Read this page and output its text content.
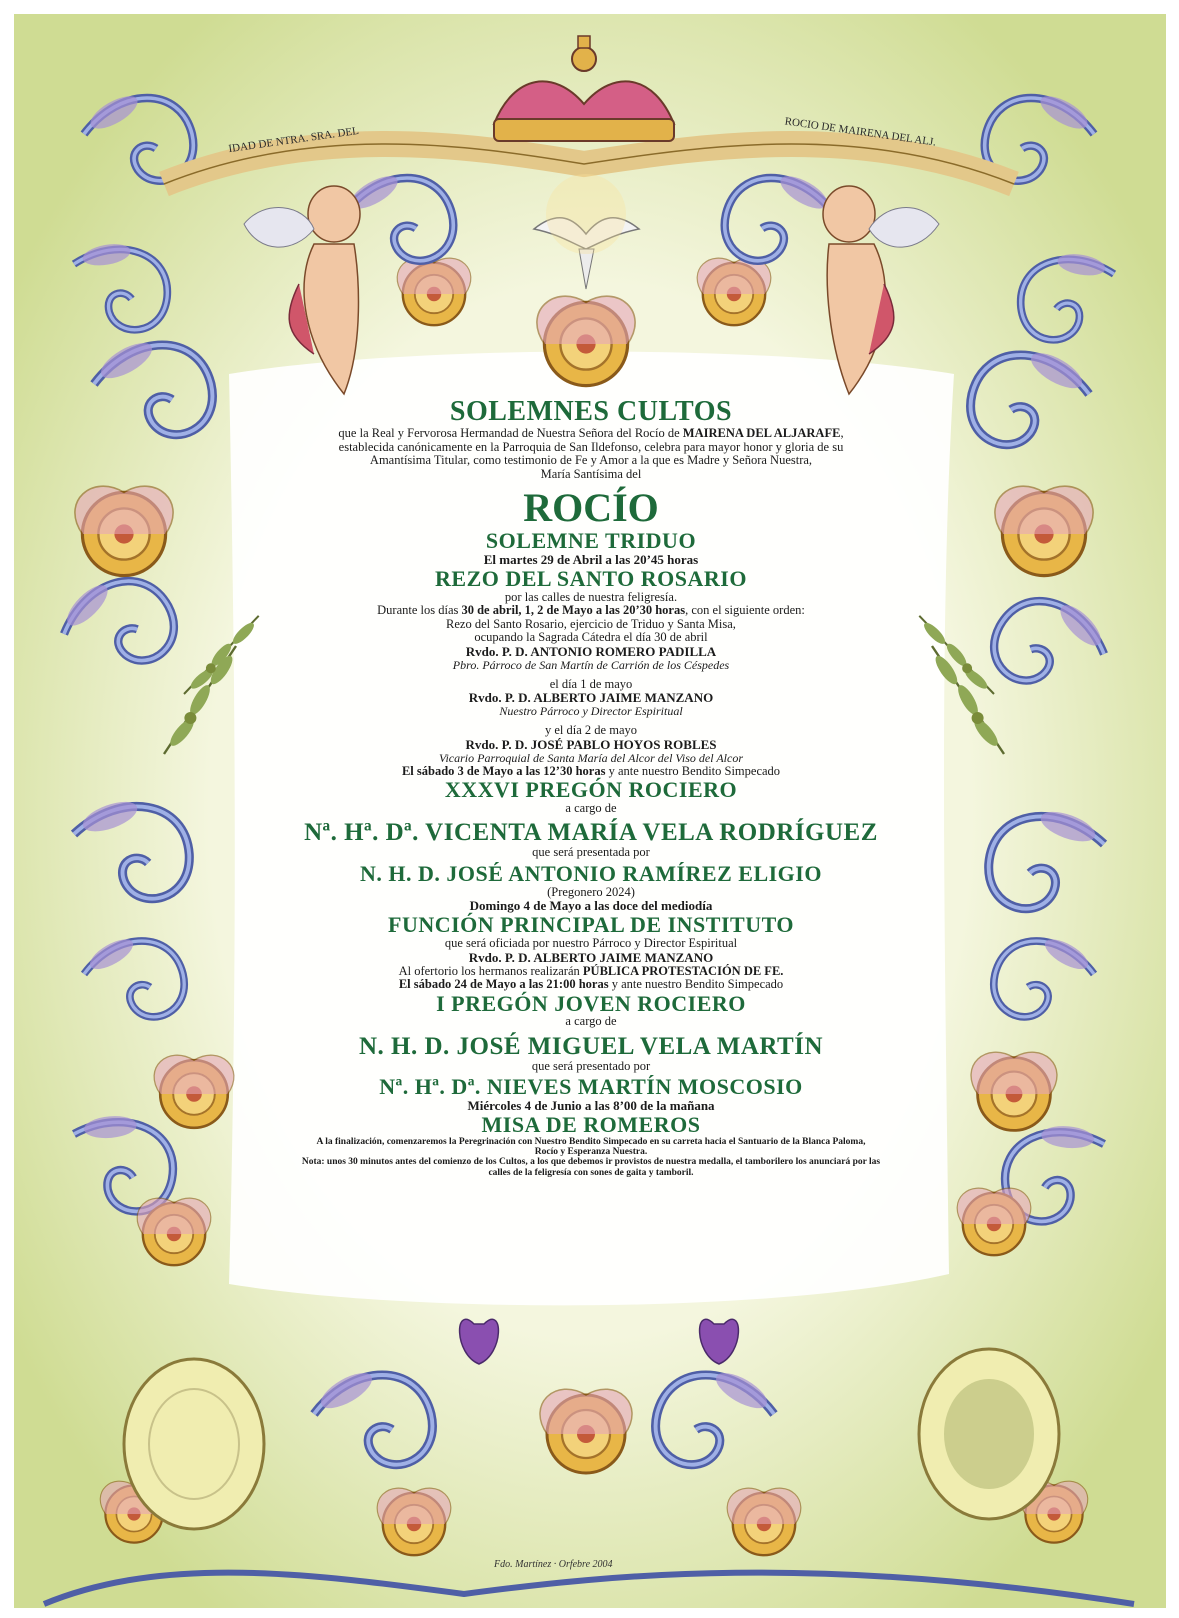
IDAD DE NTRA. SRA. DEL	ROCIO DE MAIRENA DEL ALJ.

SOLEMNES CULTOS

que la Real y Fervorosa Hermandad de Nuestra Señora del Rocío de MAIRENA DEL ALJARAFE,

establecida canónicamente en la Parroquia de San Ildefonso, celebra para mayor honor y gloria de su

Amantísima Titular, como testimonio de Fe y Amor a la que es Madre y Señora Nuestra,

María Santísima del

ROCÍO

SOLEMNE TRIDUO

El martes 29 de Abril a las 20’45 horas

REZO DEL SANTO ROSARIO

por las calles de nuestra feligresía.

Durante los días 30 de abril, 1, 2 de Mayo a las 20’30 horas, con el siguiente orden:

Rezo del Santo Rosario, ejercicio de Triduo y Santa Misa,

ocupando la Sagrada Cátedra el día 30 de abril

Rvdo. P. D. ANTONIO ROMERO PADILLA

Pbro. Párroco de San Martín de Carrión de los Céspedes

el día 1 de mayo

Rvdo. P. D. ALBERTO JAIME MANZANO

Nuestro Párroco y Director Espiritual

y el día 2 de mayo

Rvdo. P. D. JOSÉ PABLO HOYOS ROBLES

Vicario Parroquial de Santa María del Alcor del Viso del Alcor

El sábado 3 de Mayo a las 12’30 horas y ante nuestro Bendito Simpecado

XXXVI PREGÓN ROCIERO

a cargo de

Nª. Hª. Dª. VICENTA MARÍA VELA RODRÍGUEZ

que será presentada por

N. H. D. JOSÉ ANTONIO RAMÍREZ ELIGIO

(Pregonero 2024)

Domingo 4 de Mayo a las doce del mediodía

FUNCIÓN PRINCIPAL DE INSTITUTO

que será oficiada por nuestro Párroco y Director Espiritual

Rvdo. P. D. ALBERTO JAIME MANZANO

Al ofertorio los hermanos realizarán PÚBLICA PROTESTACIÓN DE FE.

El sábado 24 de Mayo a las 21:00 horas y ante nuestro Bendito Simpecado

I PREGÓN JOVEN ROCIERO

a cargo de

N. H. D. JOSÉ MIGUEL VELA MARTÍN

que será presentado por

Nª. Hª. Dª. NIEVES MARTÍN MOSCOSIO

Miércoles 4 de Junio a las 8’00 de la mañana

MISA DE ROMEROS

A la finalización, comenzaremos la Peregrinación con Nuestro Bendito Simpecado en su carreta hacia el Santuario de la Blanca Paloma,

Rocío y Esperanza Nuestra.

Nota: unos 30 minutos antes del comienzo de los Cultos, a los que debemos ir provistos de nuestra medalla, el tamborilero los anunciará por las

calles de la feligresía con sones de gaita y tamboril.

Fdo. Martínez · Orfebre 2004
